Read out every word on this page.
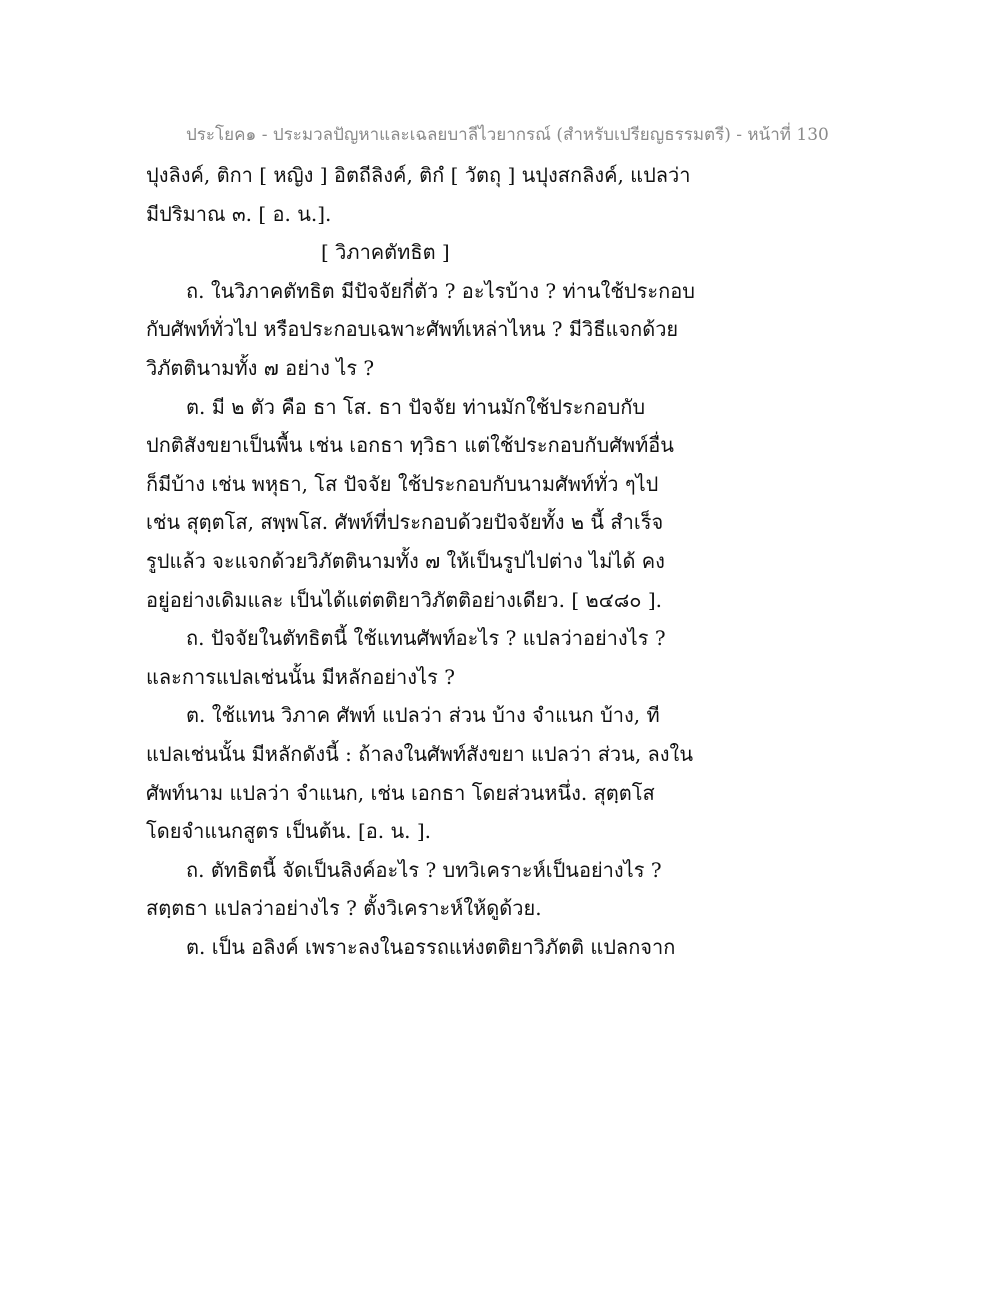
ประโยค๑ - ประมวลปัญหาและเฉลยบาลีไวยากรณ์ (สำหรับเปรียญธรรมตรี) - หน้าที่ 130
ปุงลิงค์, ติกา [ หญิง ] อิตถีลิงค์, ติกํ [ วัตถุ ] นปุงสกลิงค์, แปลว่า
มีปริมาณ ๓. [ อ. น.].
[ วิภาคตัทธิต ]
ถ. ในวิภาคตัทธิต มีปัจจัยกี่ตัว ? อะไรบ้าง ? ท่านใช้ประกอบ
กับศัพท์ทั่วไป หรือประกอบเฉพาะศัพท์เหล่าไหน ? มีวิธีแจกด้วย
วิภัตตินามทั้ง ๗ อย่าง ไร ?
ต. มี ๒ ตัว คือ ธา โส. ธา ปัจจัย ท่านมักใช้ประกอบกับ
ปกติสังขยาเป็นพื้น เช่น เอกธา ทฺวิธา แต่ใช้ประกอบกับศัพท์อื่น
ก็มีบ้าง เช่น พหุธา, โส ปัจจัย ใช้ประกอบกับนามศัพท์ทั่ว ๆไป
เช่น สุตฺตโส, สพฺพโส. ศัพท์ที่ประกอบด้วยปัจจัยทั้ง ๒ นี้ สำเร็จ
รูปแล้ว จะแจกด้วยวิภัตตินามทั้ง ๗ ให้เป็นรูปไปต่าง ไม่ได้ คง
อยู่อย่างเดิมและ เป็นได้แต่ตติยาวิภัตติอย่างเดียว. [ ๒๔๘๐ ].
ถ. ปัจจัยในตัทธิตนี้ ใช้แทนศัพท์อะไร ? แปลว่าอย่างไร ?
และการแปลเช่นนั้น มีหลักอย่างไร ?
ต. ใช้แทน วิภาค ศัพท์ แปลว่า ส่วน บ้าง จำแนก บ้าง, ที
แปลเช่นนั้น มีหลักดังนี้ : ถ้าลงในศัพท์สังขยา แปลว่า ส่วน, ลงใน
ศัพท์นาม แปลว่า จำแนก, เช่น เอกธา โดยส่วนหนึ่ง. สุตฺตโส
โดยจำแนกสูตร เป็นต้น. [อ. น. ].
ถ. ตัทธิตนี้ จัดเป็นลิงค์อะไร ? บทวิเคราะห์เป็นอย่างไร ?
สตฺตธา แปลว่าอย่างไร ? ตั้งวิเคราะห์ให้ดูด้วย.
ต. เป็น อลิงค์ เพราะลงในอรรถแห่งตติยาวิภัตติ แปลกจาก
